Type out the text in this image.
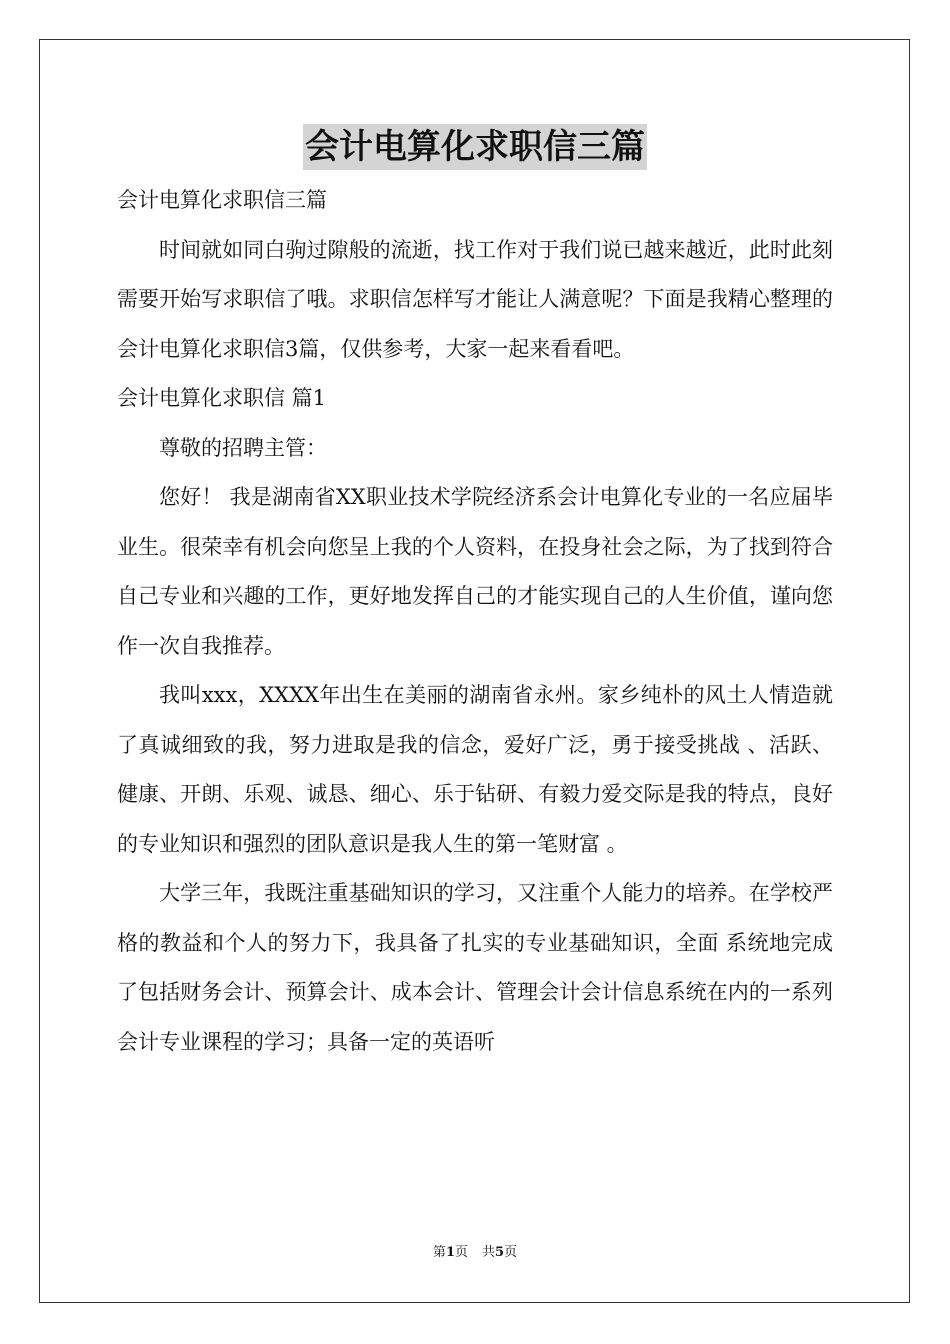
会计电算化求职信三篇

会计电算化求职信三篇

时间就如同白驹过隙般的流逝，找工作对于我们说已越来越近，此时此刻需要开始写求职信了哦。求职信怎样写才能让人满意呢？下面是我精心整理的会计电算化求职信3篇，仅供参考，大家一起来看看吧。

会计电算化求职信 篇1

尊敬的招聘主管：

您好！ 我是湖南省XX职业技术学院经济系会计电算化专业的一名应届毕业生。很荣幸有机会向您呈上我的个人资料，在投身社会之际，为了找到符合 自己专业和兴趣的工作，更好地发挥自己的才能实现自己的人生价值，谨向您作一次自我推荐。

我叫xxx，XXXX年出生在美丽的湖南省永州。家乡纯朴的风土人情造就了真诚细致的我，努力进取是我的信念，爱好广泛，勇于接受挑战 、活跃、健康、开朗、乐观、诚恳、细心、乐于钻研、有毅力爱交际是我的特点，良好的专业知识和强烈的团队意识是我人生的第一笔财富 。

大学三年，我既注重基础知识的学习，又注重个人能力的培养。在学校严格的教益和个人的努力下，我具备了扎实的专业基础知识，全面 系统地完成了包括财务会计、预算会计、成本会计、管理会计会计信息系统在内的一系列会计专业课程的学习；具备一定的英语听

第1页 共5页
